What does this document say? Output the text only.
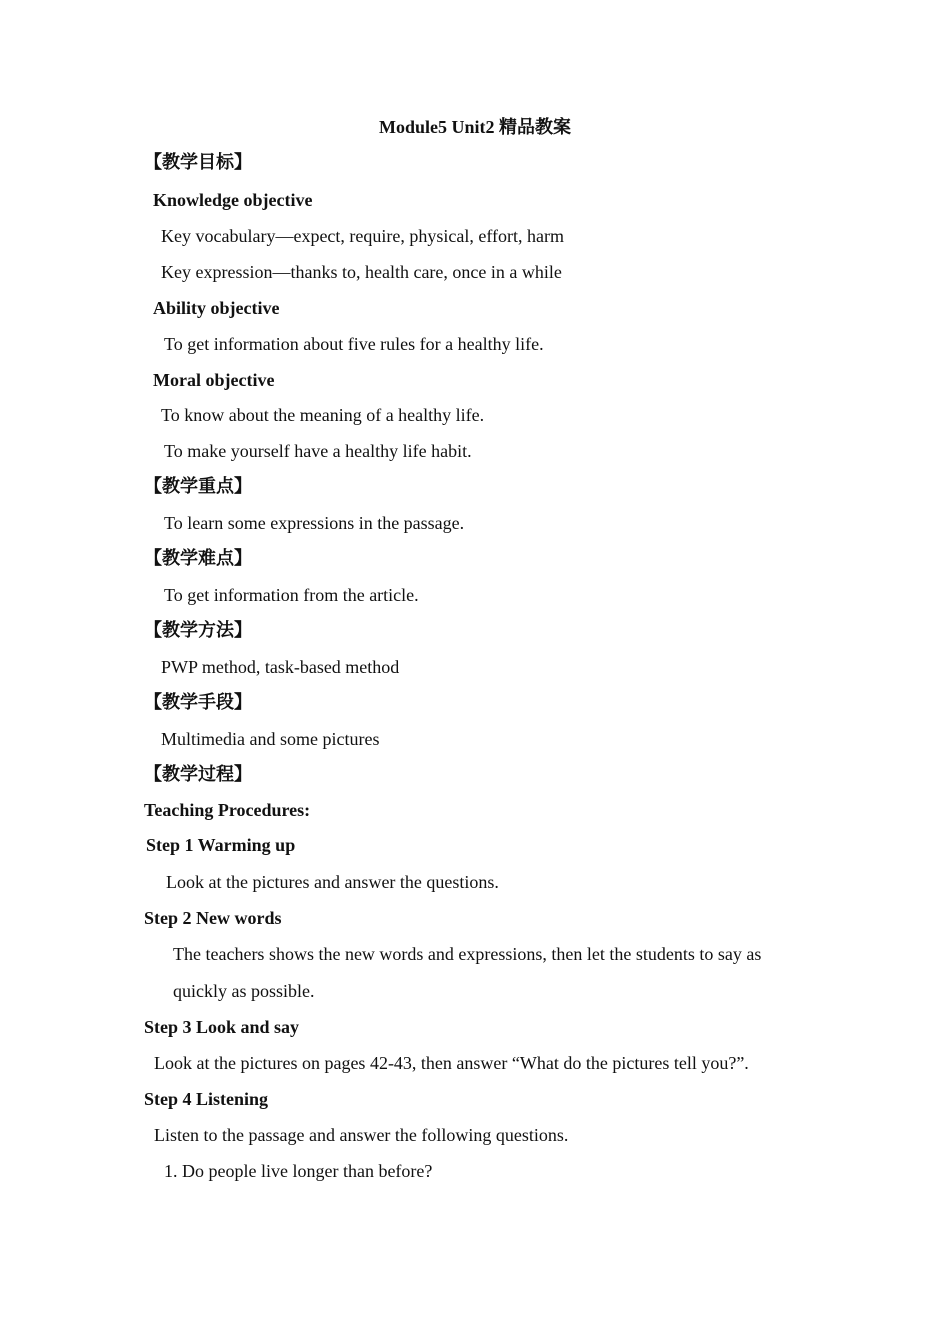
Module5 Unit2 精品教案
【教学目标】
Knowledge objective
Key vocabulary—expect, require, physical, effort, harm
Key expression—thanks to, health care, once in a while
Ability objective
To get information about five rules for a healthy life.
Moral objective
To know about the meaning of a healthy life.
To make yourself have a healthy life habit.
【教学重点】
To learn some expressions in the passage.
【教学难点】
To get information from the article.
【教学方法】
PWP method, task-based method
【教学手段】
Multimedia and some pictures
【教学过程】
Teaching Procedures:
Step 1 Warming up
Look at the pictures and answer the questions.
Step 2 New words
The teachers shows the new words and expressions, then let the students to say as
quickly as possible.
Step 3 Look and say
Look at the pictures on pages 42-43, then answer “What do the pictures tell you?”.
Step 4 Listening
Listen to the passage and answer the following questions.
1. Do people live longer than before?
